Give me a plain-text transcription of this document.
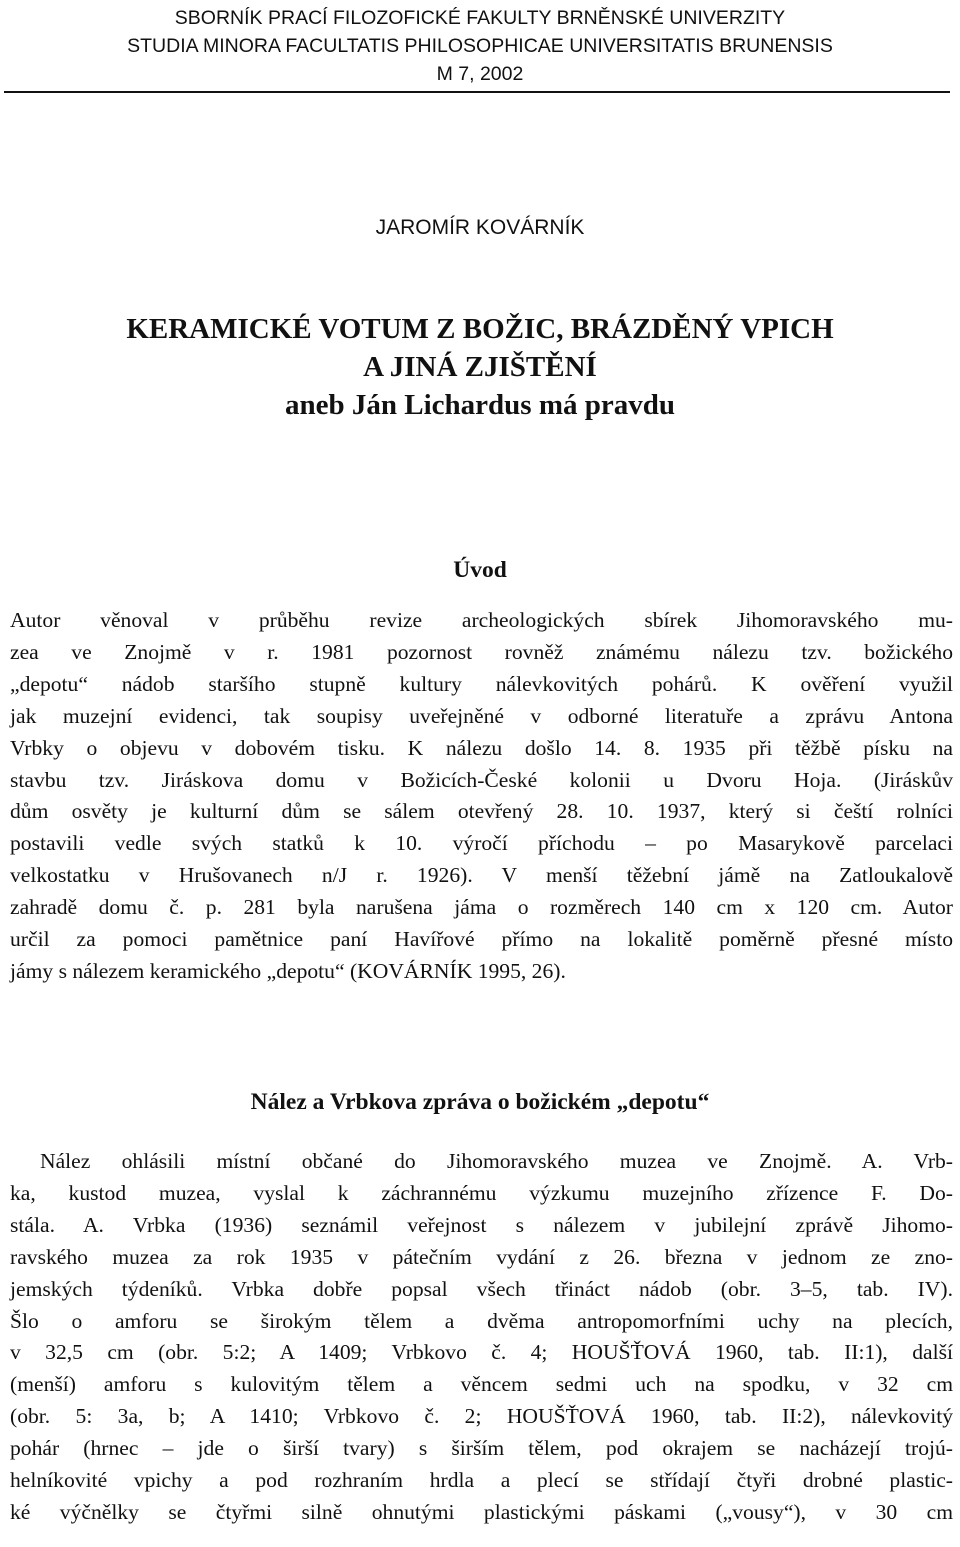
SBORNÍK PRACÍ FILOZOFICKÉ FAKULTY BRNĚNSKÉ UNIVERZITY
STUDIA MINORA FACULTATIS PHILOSOPHICAE UNIVERSITATIS BRUNENSIS
M 7, 2002
JAROMÍR KOVÁRNÍK
KERAMICKÉ VOTUM Z BOŽIC, BRÁZDĚNÝ VPICH
A JINÁ ZJIŠTĚNÍ
aneb Ján Lichardus má pravdu
Úvod
Autor věnoval v průběhu revize archeologických sbírek Jihomoravského mu-
zea ve Znojmě v r. 1981 pozornost rovněž známému nálezu tzv. božického
„depotu“ nádob staršího stupně kultury nálevkovitých pohárů. K ověření využil
jak muzejní evidenci, tak soupisy uveřejněné v odborné literatuře a zprávu Antona
Vrbky o objevu v dobovém tisku. K nálezu došlo 14. 8. 1935 při těžbě písku na
stavbu tzv. Jiráskova domu v Božicích-České kolonii u Dvoru Hoja. (Jiráskův
dům osvěty je kulturní dům se sálem otevřený 28. 10. 1937, který si čeští rolníci
postavili vedle svých statků k 10. výročí příchodu – po Masarykově parcelaci
velkostatku v Hrušovanech n/J r. 1926). V menší těžební jámě na Zatloukalově
zahradě domu č. p. 281 byla narušena jáma o rozměrech 140 cm x 120 cm. Autor
určil za pomoci pamětnice paní Havířové přímo na lokalitě poměrně přesné místo
jámy s nálezem keramického „depotu“ (KOVÁRNÍK 1995, 26).
Nález a Vrbkova zpráva o božickém „depotu“
Nález ohlásili místní občané do Jihomoravského muzea ve Znojmě. A. Vrb-
ka, kustod muzea, vyslal k záchrannému výzkumu muzejního zřízence F. Do-
stála. A. Vrbka (1936) seznámil veřejnost s nálezem v jubilejní zprávě Jihomo-
ravského muzea za rok 1935 v pátečním vydání z 26. března v jednom ze zno-
jemských týdeníků. Vrbka dobře popsal všech třináct nádob (obr. 3–5, tab. IV).
Šlo o amforu se širokým tělem a dvěma antropomorfními uchy na plecích,
v 32,5 cm (obr. 5:2; A 1409; Vrbkovo č. 4; HOUŠŤOVÁ 1960, tab. II:1), další
(menší) amforu s kulovitým tělem a věncem sedmi uch na spodku, v 32 cm
(obr. 5: 3a, b; A 1410; Vrbkovo č. 2; HOUŠŤOVÁ 1960, tab. II:2), nálevkovitý
pohár (hrnec – jde o širší tvary) s širším tělem, pod okrajem se nacházejí trojú-
helníkovité vpichy a pod rozhraním hrdla a plecí se střídají čtyři drobné plastic-
ké výčnělky se čtyřmi silně ohnutými plastickými páskami („vousy“), v 30 cm
